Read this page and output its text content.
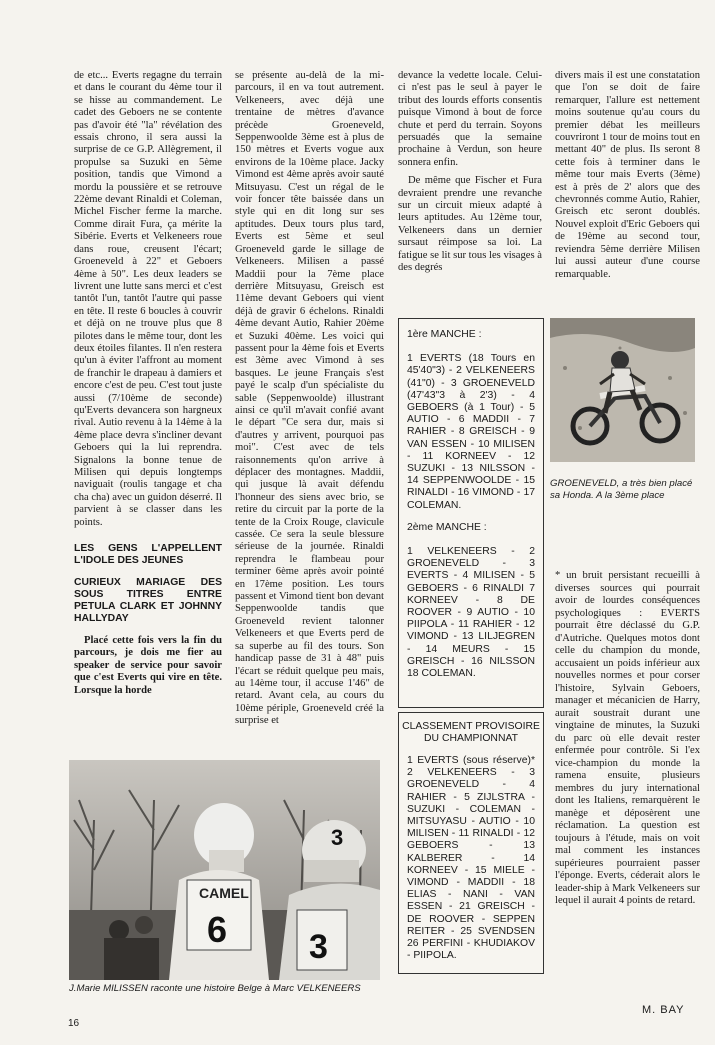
de etc... Everts regagne du terrain et dans le courant du 4ème tour il se hisse au commandement. Le cadet des Geboers ne se contente pas d'avoir été "la" révélation des essais chrono, il sera aussi la surprise de ce G.P. Allègrement, il propulse sa Suzuki en 5ème position, tandis que Vimond a mordu la poussière et se retrouve 22ème devant Rinaldi et Coleman, Michel Fischer ferme la marche. Comme dirait Fura, ça mérite la Sibérie. Everts et Velkeneers roue dans roue, creusent l'écart; Groeneveld à 22" et Geboers 4ème à 50". Les deux leaders se livrent une lutte sans merci et c'est tantôt l'un, tantôt l'autre qui passe en tête. Il reste 6 boucles à couvrir et déjà on ne trouve plus que 8 pilotes dans le même tour, dont les deux étoiles filantes. Il n'en restera qu'un à éviter l'affront au moment de franchir le drapeau à damiers et encore c'est de peu. C'est tout juste aussi (7/10ème de seconde) qu'Everts devancera son hargneux rival. Autio revenu à la 14ème à la 4ème place devra s'incliner devant Geboers qui la lui reprendra. Signalons la bonne tenue de Milisen qui depuis longtemps naviguait (roulis tangage et cha cha cha) avec un guidon déserré. Il parvient à se classer dans les points.

LES GENS L'APPELLENT L'IDOLE DES JEUNES
CURIEUX MARIAGE DES SOUS TITRES ENTRE PETULA CLARK ET JOHNNY HALLYDAY

Placé cette fois vers la fin du parcours, je dois me fier au speaker de service pour savoir que c'est Everts qui vire en tête. Lorsque la horde

se présente au-delà de la mi-parcours, il en va tout autrement. Velkeneers, avec déjà une trentaine de mètres d'avance précède Groeneveld, Seppenwoolde 3ème est à plus de 150 mètres et Everts vogue aux environs de la 10ème place. Jacky Vimond est 4ème après avoir sauté Mitsuyasu. C'est un régal de le voir foncer tête baissée dans un style qui en dit long sur ses aptitudes. Deux tours plus tard, Everts est 5ème et seul Groeneveld garde le sillage de Velkeneers. Milisen a passé Maddii pour la 7ème place derrière Mitsuyasu, Greisch est 11ème devant Geboers qui vient déjà de gravir 6 échelons. Rinaldi 4ème devant Autio, Rahier 20ème et Suzuki 40ème. Les voici qui passent pour la 4ème fois et Everts est 3ème avec Vimond à ses basques. Le jeune Français s'est payé le scalp d'un spécialiste du sable (Seppenwoolde) illustrant ainsi ce qu'il m'avait confié avant le départ "Ce sera dur, mais si d'autres y arrivent, pourquoi pas moi". C'est avec de tels raisonnements qu'on arrive à déplacer des montagnes. Maddii, qui jusque là avait défendu l'honneur des siens avec brio, se retire du circuit par la porte de la tente de la Croix Rouge, clavicule cassée. Ce sera la seule blessure sérieuse de la journée. Rinaldi reprendra le flambeau pour terminer 6ème après avoir pointé en 17ème position. Les tours passent et Vimond tient bon devant Seppenwoolde tandis que Groeneveld revient talonner Velkeneers et que Everts perd de sa superbe au fil des tours. Son handicap passe de 31 à 48" puis l'écart se réduit quelque peu mais, au 14ème tour, il accuse 1'46" de retard. Avant cela, au cours du 10ème périple, Groeneveld créé la surprise et

devance la vedette locale. Celui-ci n'est pas le seul à payer le tribut des lourds efforts consentis puisque Vimond à bout de force chute et perd du terrain. Soyons persuadés que la semaine prochaine à Verdun, son heure sonnera enfin.

De même que Fischer et Fura devraient prendre une revanche sur un circuit mieux adapté à leurs aptitudes. Au 12ème tour, Velkeneers dans un dernier sursaut réimpose sa loi. La fatigue se lit sur tous les visages à des degrés

divers mais il est une constatation que l'on se doit de faire remarquer, l'allure est nettement moins soutenue qu'au cours du premier débat les meilleurs couvriront 1 tour de moins tout en mettant 40" de plus. Ils seront 8 cette fois à terminer dans le même tour mais Everts (3ème) est à près de 2' alors que des chevronnés comme Autio, Rahier, Greisch etc seront doublés. Nouvel exploit d'Eric Geboers qui de 19ème au second tour, reviendra 5ème derrière Milisen lui aussi auteur d'une course remarquable.

1ère MANCHE :
1 EVERTS (18 Tours en 45'40"3) - 2 VELKENEERS (41"0) - 3 GROENEVELD (47'43"3 à 2'3) - 4 GEBOERS (à 1 Tour) - 5 AUTIO - 6 MADDII - 7 RAHIER - 8 GREISCH - 9 VAN ESSEN - 10 MILISEN - 11 KORNEEV - 12 SUZUKI - 13 NILSSON - 14 SEPPENWOOLDE - 15 RINALDI - 16 VIMOND - 17 COLEMAN.
2ème MANCHE :
1 VELKENEERS - 2 GROENEVELD - 3 EVERTS - 4 MILISEN - 5 GEBOERS - 6 RINALDI 7 KORNEEV - 8 DE ROOVER - 9 AUTIO - 10 PIIPOLA - 11 RAHIER - 12 VIMOND - 13 LILJEGREN - 14 MEURS - 15 GREISCH - 16 NILSSON 18 COLEMAN.
CLASSEMENT PROVISOIRE DU CHAMPIONNAT
1 EVERTS (sous réserve)* 2 VELKENEERS - 3 GROENEVELD - 4 RAHIER - 5 ZIJLSTRA - SUZUKI - COLEMAN - MITSUYASU - AUTIO - 10 MILISEN - 11 RINALDI - 12 GEBOERS - 13 KALBERER - 14 KORNEEV - 15 MIELE - VIMOND - MADDII - 18 ELIAS - NANI - VAN ESSEN - 21 GREISCH - DE ROOVER - SEPPEN REITER - 25 SVENDSEN 26 PERFINI - KHUDIAKOV - PIIPOLA.
CAMEL
6
3
3
J.Marie MILISSEN raconte une histoire Belge à Marc VELKENEERS
GROENEVELD, a très bien placé sa Honda. A la 3ème place
* un bruit persistant recueilli à diverses sources qui pourrait avoir de lourdes conséquences psychologiques : EVERTS pourrait être déclassé du G.P. d'Autriche. Quelques motos dont celle du champion du monde, accusaient un poids inférieur aux nouvelles normes et pour corser l'histoire, Sylvain Geboers, manager et mécanicien de Harry, aurait soustrait durant une vingtaine de minutes, la Suzuki du parc où elle devait rester enfermée pour contrôle. Si l'ex vice-champion du monde la ramena ensuite, plusieurs membres du jury international dont les Italiens, remarquèrent le manège et déposèrent une réclamation. La question est toujours à l'étude, mais on voit mal comment les instances supérieures pourraient passer l'éponge. Everts, céderait alors le leader-ship à Mark Velkeneers sur lequel il aurait 4 points de retard.
16
M. BAY
